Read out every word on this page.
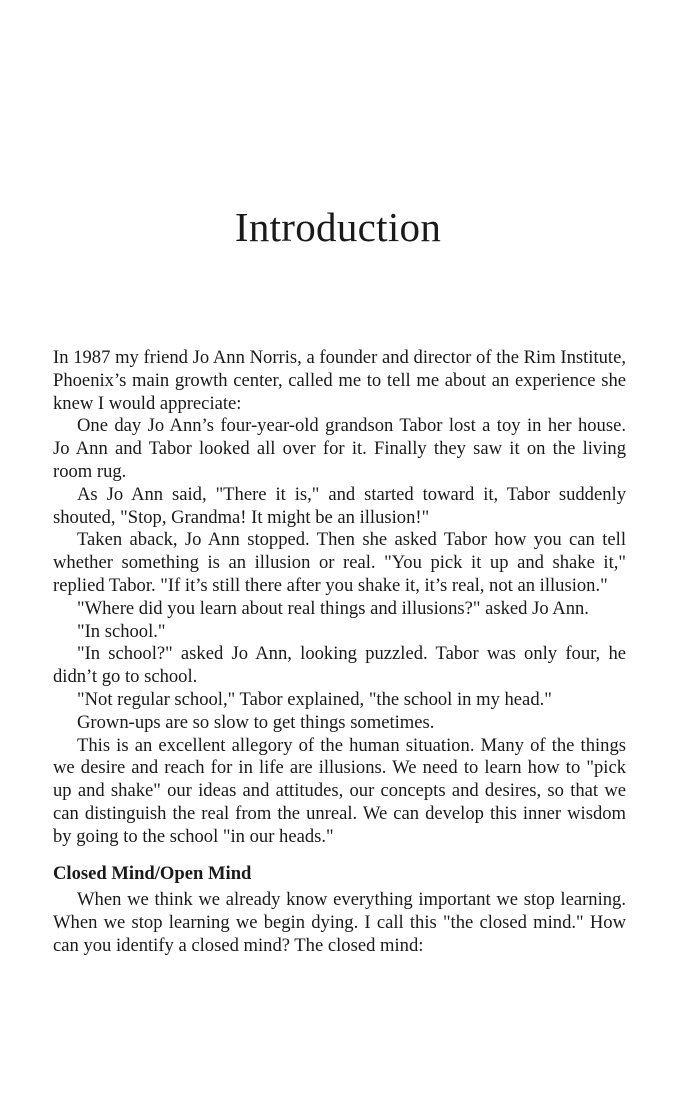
Introduction

In 1987 my friend Jo Ann Norris, a founder and director of the Rim Institute, Phoenix’s main growth center, called me to tell me about an experience she knew I would appreciate:

One day Jo Ann’s four-year-old grandson Tabor lost a toy in her house. Jo Ann and Tabor looked all over for it. Finally they saw it on the living room rug.

As Jo Ann said, "There it is," and started toward it, Tabor suddenly shouted, "Stop, Grandma! It might be an illusion!"

Taken aback, Jo Ann stopped. Then she asked Tabor how you can tell whether something is an illusion or real. "You pick it up and shake it," replied Tabor. "If it’s still there after you shake it, it’s real, not an illusion."

"Where did you learn about real things and illusions?" asked Jo Ann.

"In school."

"In school?" asked Jo Ann, looking puzzled. Tabor was only four, he didn’t go to school.

"Not regular school," Tabor explained, "the school in my head."

Grown-ups are so slow to get things sometimes.

This is an excellent allegory of the human situation. Many of the things we desire and reach for in life are illusions. We need to learn how to "pick up and shake" our ideas and attitudes, our concepts and desires, so that we can distinguish the real from the unreal. We can develop this inner wisdom by going to the school "in our heads."

Closed Mind/Open Mind

When we think we already know everything important we stop learning. When we stop learning we begin dying. I call this "the closed mind." How can you identify a closed mind? The closed mind:
